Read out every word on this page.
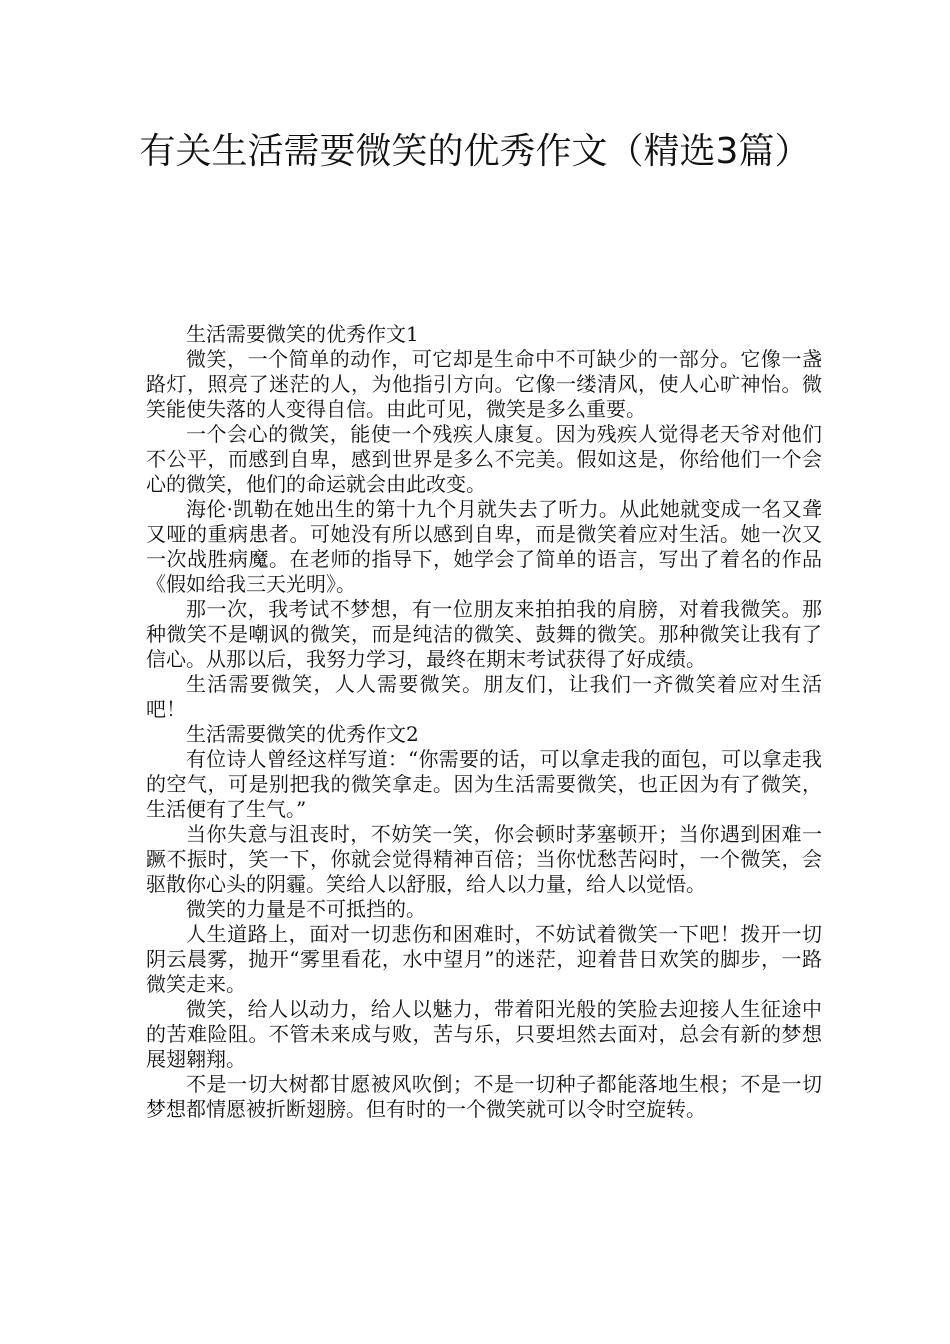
有关生活需要微笑的优秀作文（精选3篇）

生活需要微笑的优秀作文1

微笑，一个简单的动作，可它却是生命中不可缺少的一部分。它像一盏路灯，照亮了迷茫的人，为他指引方向。它像一缕清风，使人心旷神怡。微笑能使失落的人变得自信。由此可见，微笑是多么重要。

一个会心的微笑，能使一个残疾人康复。因为残疾人觉得老天爷对他们不公平，而感到自卑，感到世界是多么不完美。假如这是，你给他们一个会心的微笑，他们的命运就会由此改变。

海伦·凯勒在她出生的第十九个月就失去了听力。从此她就变成一名又聋又哑的重病患者。可她没有所以感到自卑，而是微笑着应对生活。她一次又一次战胜病魔。在老师的指导下，她学会了简单的语言，写出了着名的作品《假如给我三天光明》。

那一次，我考试不梦想，有一位朋友来拍拍我的肩膀，对着我微笑。那种微笑不是嘲讽的微笑，而是纯洁的微笑、鼓舞的微笑。那种微笑让我有了信心。从那以后，我努力学习，最终在期末考试获得了好成绩。

生活需要微笑，人人需要微笑。朋友们，让我们一齐微笑着应对生活吧！

生活需要微笑的优秀作文2

有位诗人曾经这样写道：“你需要的话，可以拿走我的面包，可以拿走我的空气，可是别把我的微笑拿走。因为生活需要微笑，也正因为有了微笑，生活便有了生气。”

当你失意与沮丧时，不妨笑一笑，你会顿时茅塞顿开；当你遇到困难一蹶不振时，笑一下，你就会觉得精神百倍；当你忧愁苦闷时，一个微笑，会驱散你心头的阴霾。笑给人以舒服，给人以力量，给人以觉悟。

微笑的力量是不可抵挡的。

人生道路上，面对一切悲伤和困难时，不妨试着微笑一下吧！拨开一切阴云晨雾，抛开“雾里看花，水中望月”的迷茫，迎着昔日欢笑的脚步，一路微笑走来。

微笑，给人以动力，给人以魅力，带着阳光般的笑脸去迎接人生征途中的苦难险阻。不管未来成与败，苦与乐，只要坦然去面对，总会有新的梦想展翅翱翔。

不是一切大树都甘愿被风吹倒；不是一切种子都能落地生根；不是一切梦想都情愿被折断翅膀。但有时的一个微笑就可以令时空旋转。
